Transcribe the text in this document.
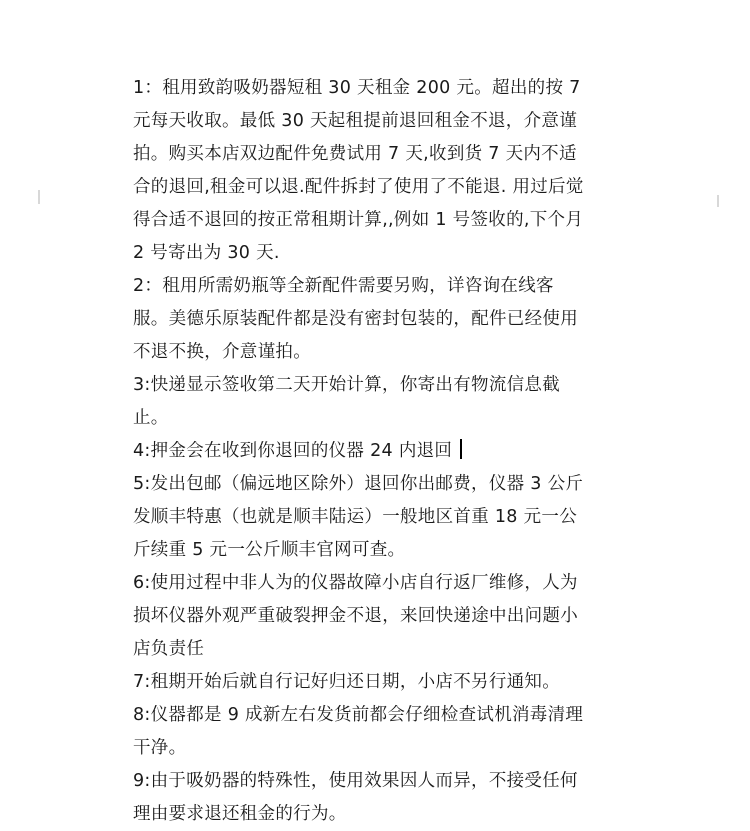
1：租用致韵吸奶器短租 30 天租金 200 元。超出的按 7 元每天收取。最低 30 天起租提前退回租金不退，介意谨拍。购买本店双边配件免费试用 7 天,收到货 7 天内不适合的退回,租金可以退.配件拆封了使用了不能退. 用过后觉得合适不退回的按正常租期计算,,例如 1 号签收的,下个月 2 号寄出为 30 天.

2：租用所需奶瓶等全新配件需要另购，详咨询在线客服。美德乐原装配件都是没有密封包装的，配件已经使用不退不换，介意谨拍。

3:快递显示签收第二天开始计算，你寄出有物流信息截止。

4:押金会在收到你退回的仪器 24 内退回

5:发出包邮（偏远地区除外）退回你出邮费，仪器 3 公斤发顺丰特惠（也就是顺丰陆运）一般地区首重 18 元一公斤续重 5 元一公斤顺丰官网可查。

6:使用过程中非人为的仪器故障小店自行返厂维修，人为损坏仪器外观严重破裂押金不退，来回快递途中出问题小店负责任

7:租期开始后就自行记好归还日期，小店不另行通知。

8:仪器都是 9 成新左右发货前都会仔细检查试机消毒清理干净。

9:由于吸奶器的特殊性，使用效果因人而异，不接受任何理由要求退还租金的行为。
